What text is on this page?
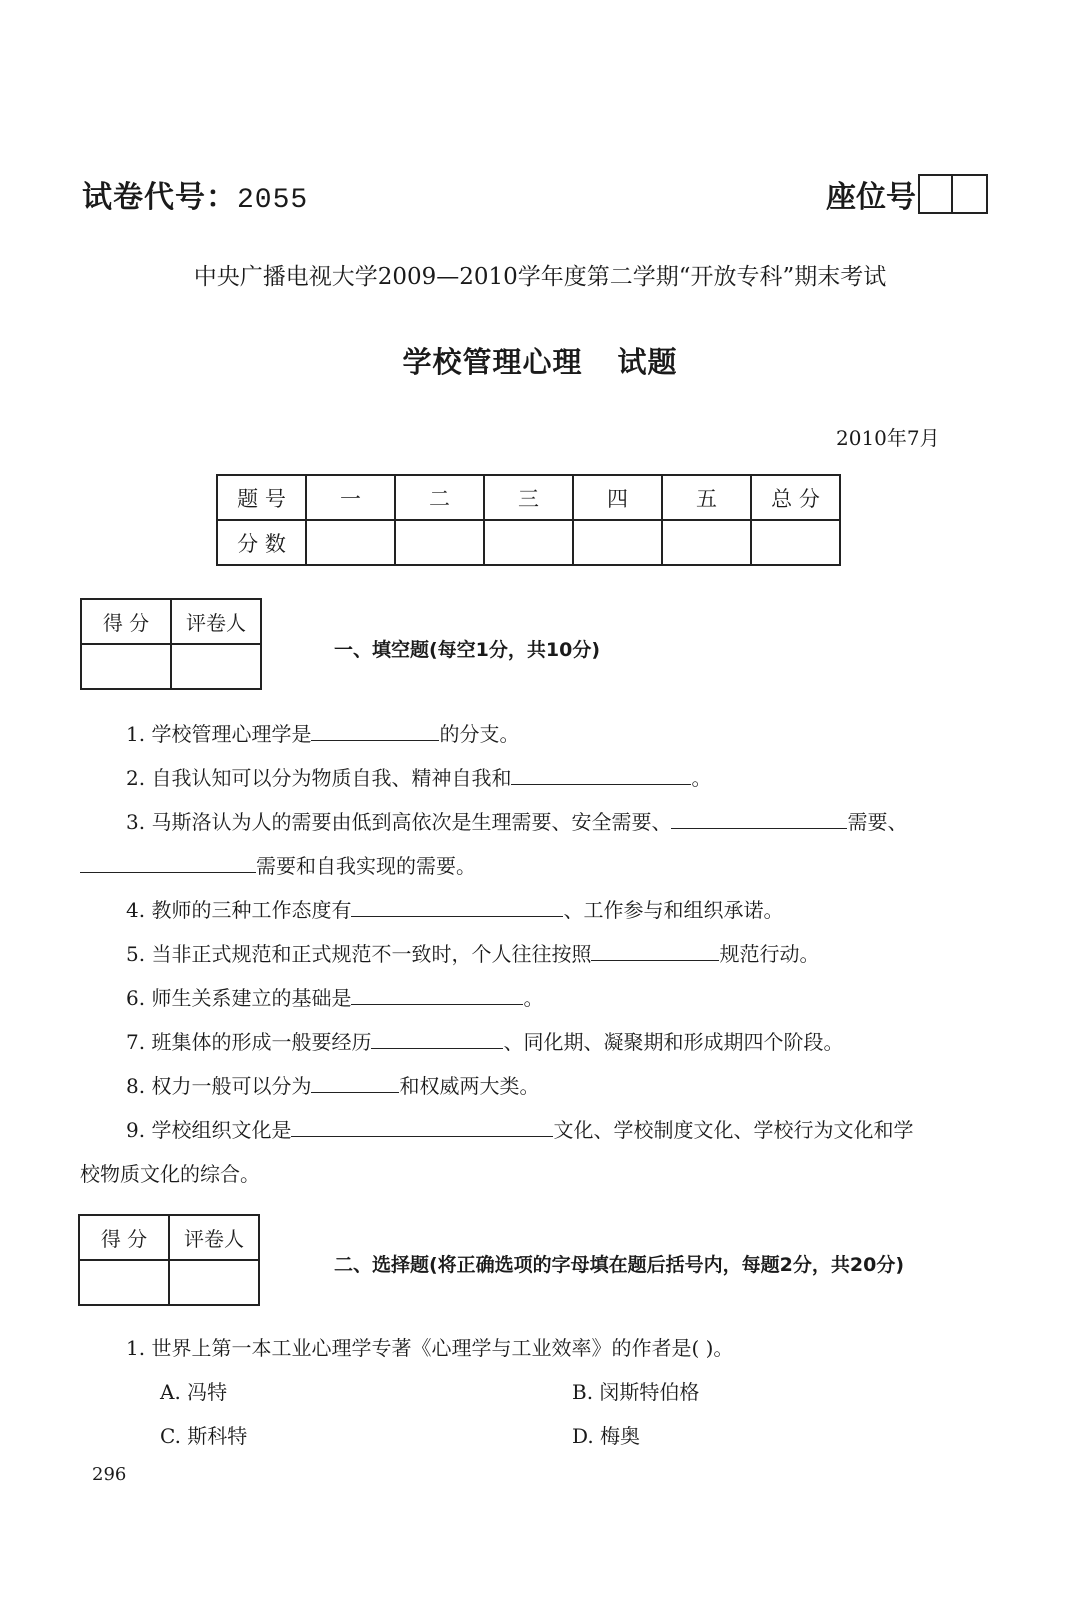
试卷代号：2055	座位号
中央广播电视大学2009—2010学年度第二学期“开放专科”期末考试
学校管理心理 试题
2010年7月
题 号	一	二	三	四	五	总 分
分 数						
得 分	评卷人

一、填空题(每空1分，共10分)
1. 学校管理心理学是	的分支。
2. 自我认知可以分为物质自我、精神自我和	。
3. 马斯洛认为人的需要由低到高依次是生理需要、安全需要、	需要、
需要和自我实现的需要。
4. 教师的三种工作态度有	、工作参与和组织承诺。
5. 当非正式规范和正式规范不一致时，个人往往按照	规范行动。
6. 师生关系建立的基础是	。
7. 班集体的形成一般要经历	、同化期、凝聚期和形成期四个阶段。
8. 权力一般可以分为	和权威两大类。
9. 学校组织文化是	文化、学校制度文化、学校行为文化和学
校物质文化的综合。
得 分	评卷人

二、选择题(将正确选项的字母填在题后括号内，每题2分，共20分)
1. 世界上第一本工业心理学专著《心理学与工业效率》的作者是( )。
A. 冯特	B. 闵斯特伯格
C. 斯科特	D. 梅奥
296
